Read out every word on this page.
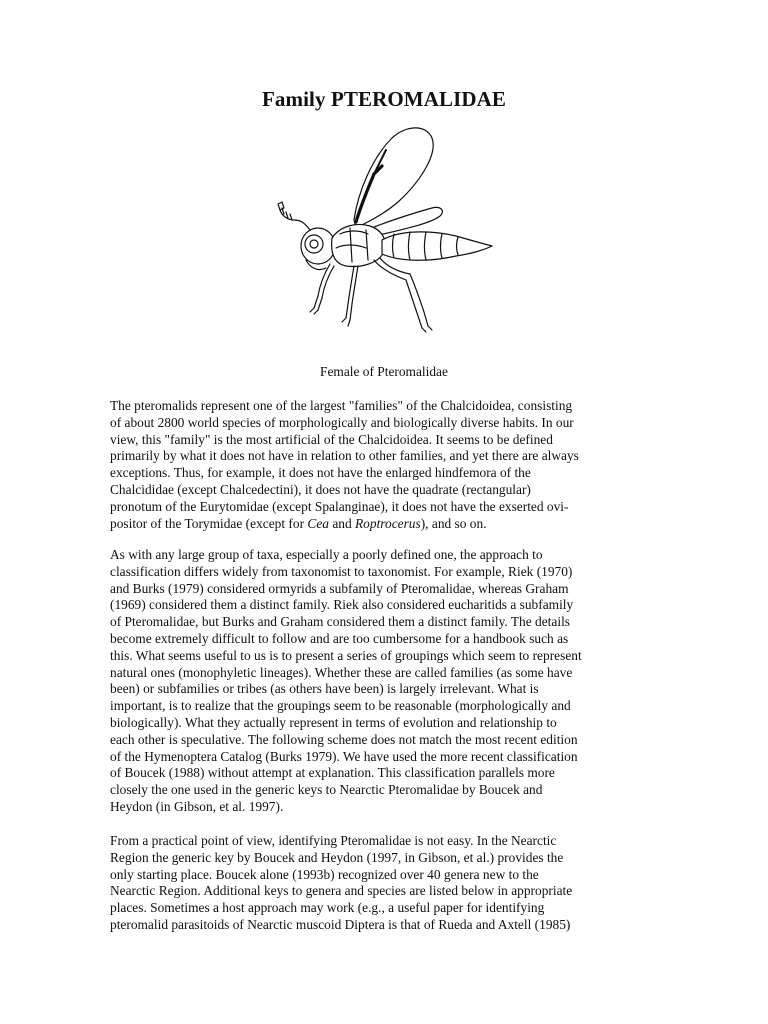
Family PTEROMALIDAE
Female of Pteromalidae

The pteromalids represent one of the largest "families" of the Chalcidoidea, consisting
of about 2800 world species of morphologically and biologically diverse habits. In our
view, this "family" is the most artificial of the Chalcidoidea. It seems to be defined
primarily by what it does not have in relation to other families, and yet there are always
exceptions. Thus, for example, it does not have the enlarged hindfemora of the
Chalcididae (except Chalcedectini), it does not have the quadrate (rectangular)
pronotum of the Eurytomidae (except Spalanginae), it does not have the exserted ovi-
positor of the Torymidae (except for Cea and Roptrocerus), and so on.

As with any large group of taxa, especially a poorly defined one, the approach to
classification differs widely from taxonomist to taxonomist. For example, Riek (1970)
and Burks (1979) considered ormyrids a subfamily of Pteromalidae, whereas Graham
(1969) considered them a distinct family. Riek also considered eucharitids a subfamily
of Pteromalidae, but Burks and Graham considered them a distinct family. The details
become extremely difficult to follow and are too cumbersome for a handbook such as
this. What seems useful to us is to present a series of groupings which seem to represent
natural ones (monophyletic lineages). Whether these are called families (as some have
been) or subfamilies or tribes (as others have been) is largely irrelevant. What is
important, is to realize that the groupings seem to be reasonable (morphologically and
biologically). What they actually represent in terms of evolution and relationship to
each other is speculative. The following scheme does not match the most recent edition
of the Hymenoptera Catalog (Burks 1979). We have used the more recent classification
of Boucek (1988) without attempt at explanation. This classification parallels more
closely the one used in the generic keys to Nearctic Pteromalidae by Boucek and
Heydon (in Gibson, et al. 1997).

From a practical point of view, identifying Pteromalidae is not easy. In the Nearctic
Region the generic key by Boucek and Heydon (1997, in Gibson, et al.) provides the
only starting place. Boucek alone (1993b) recognized over 40 genera new to the
Nearctic Region. Additional keys to genera and species are listed below in appropriate
places. Sometimes a host approach may work (e.g., a useful paper for identifying
pteromalid parasitoids of Nearctic muscoid Diptera is that of Rueda and Axtell (1985)
